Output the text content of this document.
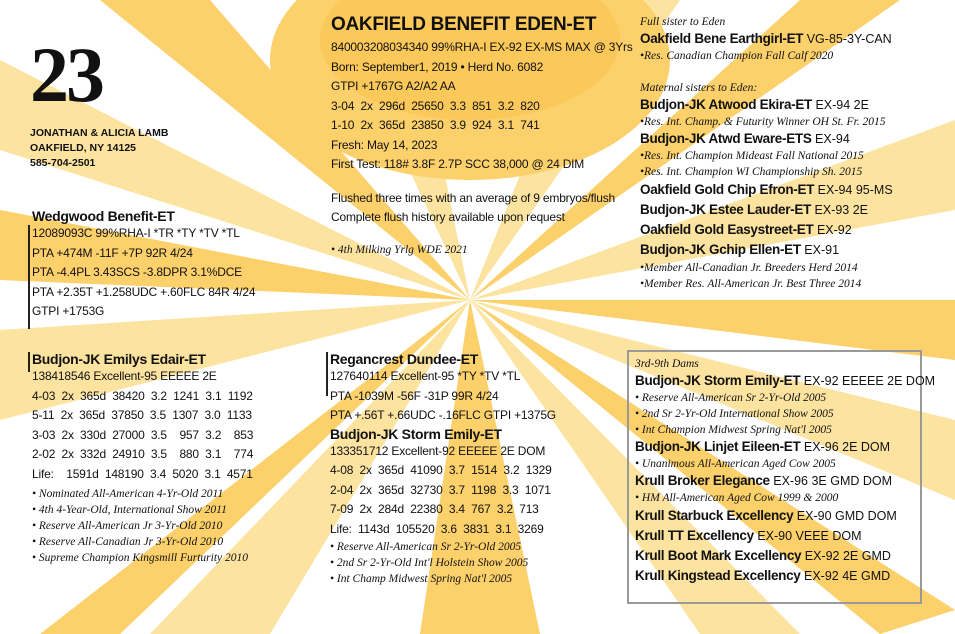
23
JONATHAN & ALICIA LAMB
OAKFIELD, NY 14125
585-704-2501
OAKFIELD BENEFIT EDEN-ET
840003208034340 99%RHA-I EX-92 EX-MS MAX @ 3Yrs
Born: September1, 2019 • Herd No. 6082
GTPI +1767G A2/A2 AA
3-04  2x  296d  25650  3.3  851  3.2  820
1-10  2x  365d  23850  3.9  924  3.1  741
Fresh: May 14, 2023
First Test: 118# 3.8F 2.7P SCC 38,000 @ 24 DIM
Flushed three times with an average of 9 embryos/flush
Complete flush history available upon request
• 4th Milking Yrlg WDE 2021
Wedgwood Benefit-ET
12089093C 99%RHA-I *TR *TY *TV *TL
PTA +474M -11F +7P 92R 4/24
PTA -4.4PL 3.43SCS -3.8DPR 3.1%DCE
PTA +2.35T +1.258UDC +.60FLC 84R 4/24
GTPI +1753G
Budjon-JK Emilys Edair-ET
138418546 Excellent-95 EEEEE 2E
4-03  2x  365d  38420  3.2  1241  3.1  1192
5-11  2x  365d  37850  3.5  1307  3.0  1133
3-03  2x  330d  27000  3.5    957  3.2    853
2-02  2x  332d  24910  3.5    880  3.1    774
Life:    1591d  148190  3.4  5020  3.1  4571
• Nominated All-American 4-Yr-Old 2011
• 4th 4-Year-Old, International Show 2011
• Reserve All-American Jr 3-Yr-Old 2010
• Reserve All-Canadian Jr 3-Yr-Old 2010
• Supreme Champion Kingsmill Furturity 2010
Regancrest Dundee-ET
127640114 Excellent-95 *TY *TV *TL
PTA -1039M -56F -31P 99R 4/24
PTA +.56T +.66UDC -.16FLC GTPI +1375G
Budjon-JK Storm Emily-ET
133351712 Excellent-92 EEEEE 2E DOM
4-08  2x  365d  41090  3.7  1514  3.2  1329
2-04  2x  365d  32730  3.7  1198  3.3  1071
7-09  2x  284d  22380  3.4  767  3.2  713
Life:  1143d  105520  3.6  3831  3.1  3269
• Reserve All-American Sr 2-Yr-Old 2005
• 2nd Sr 2-Yr-Old Int'l Holstein Show 2005
• Int Champ Midwest Spring Nat'l 2005
Full sister to Eden
Oakfield Bene Earthgirl-ET VG-85-3Y-CAN
•Res. Canadian Champion Fall Calf 2020
Maternal sisters to Eden:
Budjon-JK Atwood Ekira-ET EX-94 2E
•Res. Int. Champ. & Futurity Winner OH St. Fr. 2015
Budjon-JK Atwd Eware-ETS EX-94
•Res. Int. Champion Mideast Fall National 2015
•Res. Int. Champion WI Championship Sh. 2015
Oakfield Gold Chip Efron-ET EX-94 95-MS
Budjon-JK Estee Lauder-ET EX-93 2E
Oakfield Gold Easystreet-ET EX-92
Budjon-JK Gchip Ellen-ET EX-91
•Member All-Canadian Jr. Breeders Herd 2014
•Member Res. All-American Jr. Best Three 2014
3rd-9th Dams
Budjon-JK Storm Emily-ET EX-92 EEEEE 2E DOM
• Reserve All-American Sr 2-Yr-Old 2005
• 2nd Sr 2-Yr-Old International Show 2005
• Int Champion Midwest Spring Nat'l 2005
Budjon-JK Linjet Eileen-ET EX-96 2E DOM
• Unanimous All-American Aged Cow 2005
Krull Broker Elegance EX-96 3E GMD DOM
• HM All-American Aged Cow 1999 & 2000
Krull Starbuck Excellency EX-90 GMD DOM
Krull TT Excellency EX-90 VEEE DOM
Krull Boot Mark Excellency EX-92 2E GMD
Krull Kingstead Excellency EX-92 4E GMD
